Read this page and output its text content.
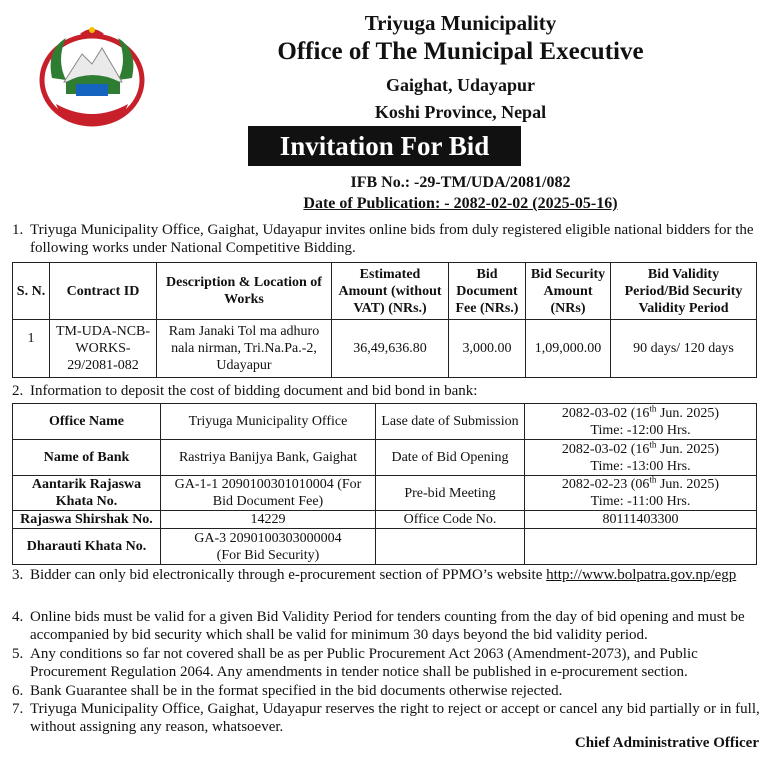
Triyuga Municipality
Office of The Municipal Executive
Gaighat, Udayapur
Koshi Province, Nepal
Invitation For Bid
IFB No.: -29-TM/UDA/2081/082
Date of Publication: - 2082-02-02 (2025-05-16)
1. Triyuga Municipality Office, Gaighat, Udayapur invites online bids from duly registered eligible national bidders for the following works under National Competitive Bidding.
S. N.	Contract ID	Description & Location of Works	Estimated Amount (without VAT) (NRs.)	Bid Document Fee (NRs.)	Bid Security Amount (NRs)	Bid Validity Period/Bid Security Validity Period
1	TM-UDA-NCB-WORKS-29/2081-082	Ram Janaki Tol ma adhuro nala nirman, Tri.Na.Pa.-2, Udayapur	36,49,636.80	3,000.00	1,09,000.00	90 days/ 120 days
2. Information to deposit the cost of bidding document and bid bond in bank:
Office Name	Triyuga Municipality Office	Lase date of Submission	2082-03-02 (16th Jun. 2025)
Time: -12:00 Hrs.
Name of Bank	Rastriya Banijya Bank, Gaighat	Date of Bid Opening	2082-03-02 (16th Jun. 2025)
Time: -13:00 Hrs.
Aantarik Rajaswa Khata No.	GA-1-1 2090100301010004 (For Bid Document Fee)	Pre-bid Meeting	2082-02-23 (06th Jun. 2025)
Time: -11:00 Hrs.
Rajaswa Shirshak No.	14229	Office Code No.	80111403300
Dharauti Khata No.	GA-3 2090100303000004
(For Bid Security)		
3. Bidder can only bid electronically through e-procurement section of PPMO’s website http://www.bolpatra.gov.np/egp
4. Online bids must be valid for a given Bid Validity Period for tenders counting from the day of bid opening and must be accompanied by bid security which shall be valid for minimum 30 days beyond the bid validity period.
5. Any conditions so far not covered shall be as per Public Procurement Act 2063 (Amendment-2073), and Public Procurement Regulation 2064. Any amendments in tender notice shall be published in e-procurement section.
6. Bank Guarantee shall be in the format specified in the bid documents otherwise rejected.
7. Triyuga Municipality Office, Gaighat, Udayapur reserves the right to reject or accept or cancel any bid partially or in full, without assigning any reason, whatsoever.
Chief Administrative Officer
